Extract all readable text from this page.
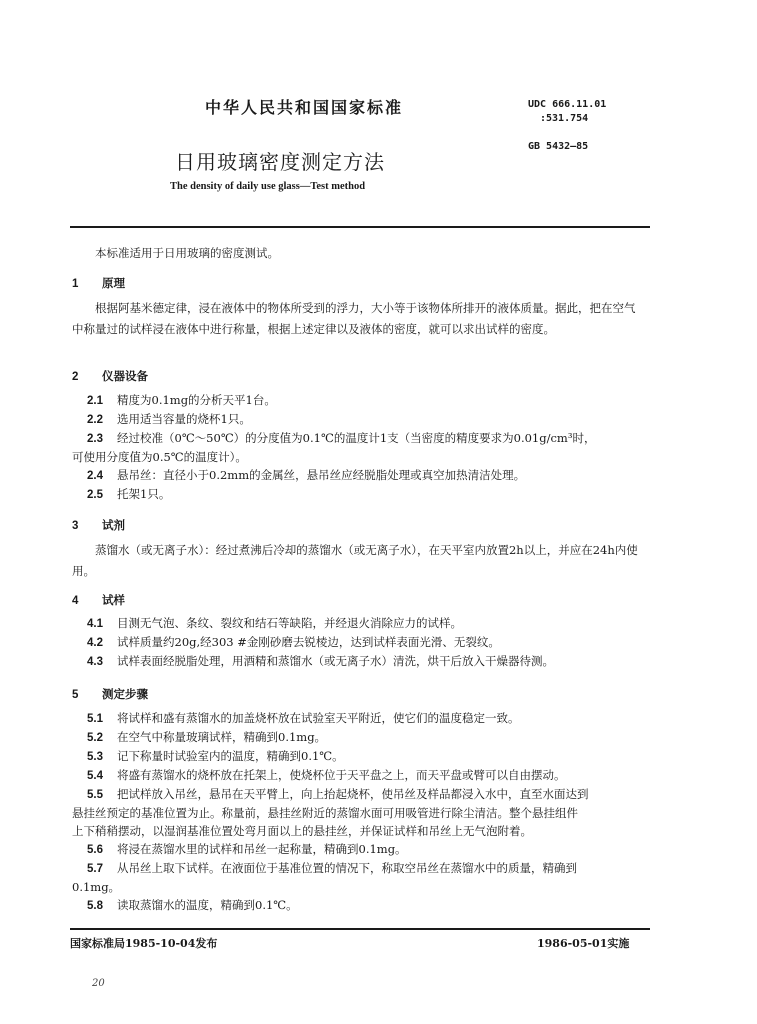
中华人民共和国国家标准	UDC 666.11.01
:531.754
GB 5432—85
日用玻璃密度测定方法
The density of daily use glass—Test method
本标准适用于日用玻璃的密度测试。
1 原理
根据阿基米德定律，浸在液体中的物体所受到的浮力，大小等于该物体所排开的液体质量。据此，把在空气中称量过的试样浸在液体中进行称量，根据上述定律以及液体的密度，就可以求出试样的密度。
2 仪器设备
2.1 精度为0.1mg的分析天平1台。
2.2 选用适当容量的烧杯1只。
2.3 经过校准（0℃～50℃）的分度值为0.1℃的温度计1支（当密度的精度要求为0.01g/cm³时，
可使用分度值为0.5℃的温度计）。
2.4 悬吊丝：直径小于0.2mm的金属丝，悬吊丝应经脱脂处理或真空加热清洁处理。
2.5 托架1只。
3 试剂
蒸馏水（或无离子水）：经过煮沸后冷却的蒸馏水（或无离子水），在天平室内放置2h以上，并应在24h内使用。
4 试样
4.1 目测无气泡、条纹、裂纹和结石等缺陷，并经退火消除应力的试样。
4.2 试样质量约20g,经303 #金刚砂磨去锐棱边，达到试样表面光滑、无裂纹。
4.3 试样表面经脱脂处理，用酒精和蒸馏水（或无离子水）清洗，烘干后放入干燥器待测。
5 测定步骤
5.1 将试样和盛有蒸馏水的加盖烧杯放在试验室天平附近，使它们的温度稳定一致。
5.2 在空气中称量玻璃试样，精确到0.1mg。
5.3 记下称量时试验室内的温度，精确到0.1℃。
5.4 将盛有蒸馏水的烧杯放在托架上，使烧杯位于天平盘之上，而天平盘或臂可以自由摆动。
5.5 把试样放入吊丝，悬吊在天平臂上，向上抬起烧杯，使吊丝及样品都浸入水中，直至水面达到
悬挂丝预定的基准位置为止。称量前，悬挂丝附近的蒸馏水面可用吸管进行除尘清洁。整个悬挂组件
上下稍稍摆动，以湿润基准位置处弯月面以上的悬挂丝，并保证试样和吊丝上无气泡附着。
5.6 将浸在蒸馏水里的试样和吊丝一起称量，精确到0.1mg。
5.7 从吊丝上取下试样。在液面位于基准位置的情况下，称取空吊丝在蒸馏水中的质量，精确到
0.1mg。
5.8 读取蒸馏水的温度，精确到0.1℃。
国家标准局1985-10-04发布	1986-05-01实施
20
